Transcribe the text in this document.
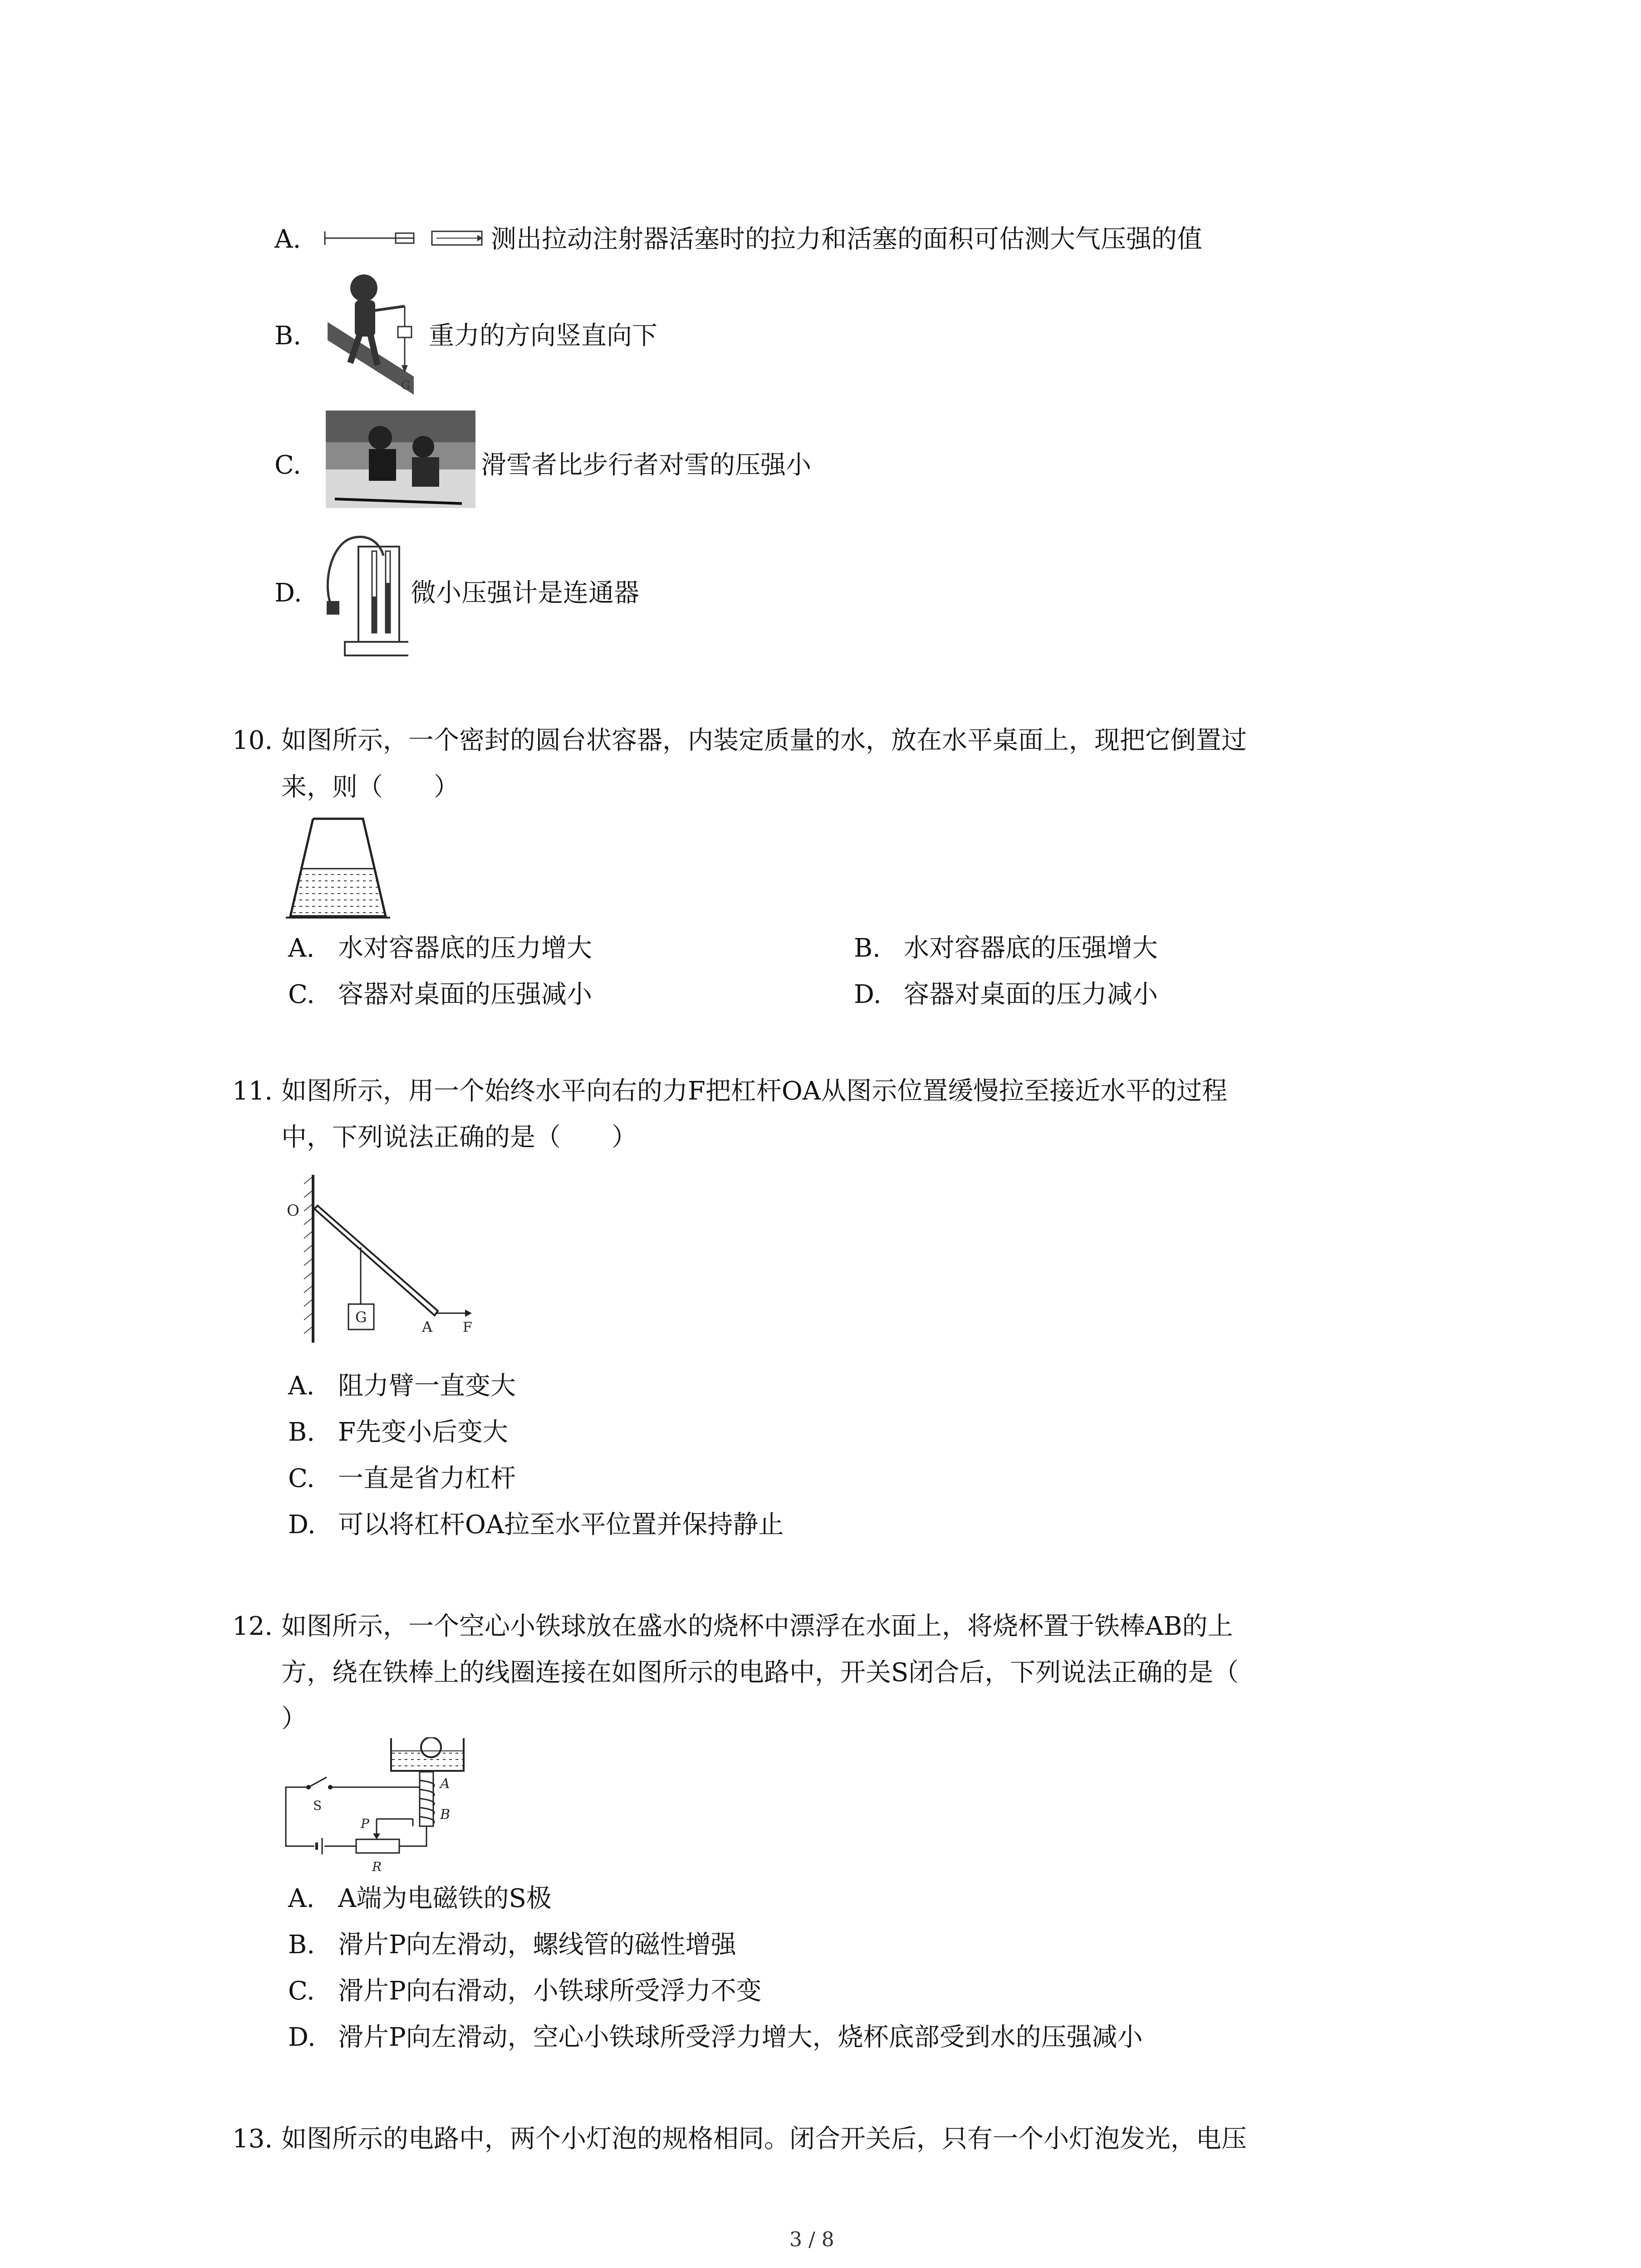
A.	测出拉动注射器活塞时的拉力和活塞的面积可估测大气压强的值
B.
G
重力的方向竖直向下
C.	滑雪者比步行者对雪的压强小
D.	微小压强计是连通器
10. 如图所示，一个密封的圆台状容器，内装定质量的水，放在水平桌面上，现把它倒置过
来，则（　　）
A. 水对容器底的压力增大	B. 水对容器底的压强增大
C. 容器对桌面的压强减小	D. 容器对桌面的压力减小
11. 如图所示，用一个始终水平向右的力F把杠杆OA从图示位置缓慢拉至接近水平的过程
中，下列说法正确的是（　　）
O
G
A F
A. 阻力臂一直变大
B. F先变小后变大
C. 一直是省力杠杆
D. 可以将杠杆OA拉至水平位置并保持静止
12. 如图所示，一个空心小铁球放在盛水的烧杯中漂浮在水面上，将烧杯置于铁棒AB的上
方，绕在铁棒上的线圈连接在如图所示的电路中，开关S闭合后，下列说法正确的是（
）
A
B
S
R
P
A. A端为电磁铁的S极
B. 滑片P向左滑动，螺线管的磁性增强
C. 滑片P向右滑动，小铁球所受浮力不变
D. 滑片P向左滑动，空心小铁球所受浮力增大，烧杯底部受到水的压强减小
13. 如图所示的电路中，两个小灯泡的规格相同。闭合开关后，只有一个小灯泡发光，电压
3 / 8
